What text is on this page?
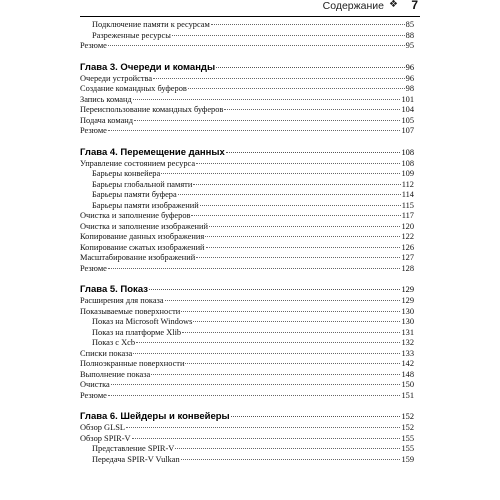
Содержание ❖ 7
Подключение памяти к ресурсам	85
Разреженные ресурсы	88
Резюме	95
Глава 3. Очереди и команды	96
Очереди устройства	96
Создание командных буферов	98
Запись команд	101
Переиспользование командных буферов	104
Подача команд	105
Резюме	107
Глава 4. Перемещение данных	108
Управление состоянием ресурса	108
Барьеры конвейера	109
Барьеры глобальной памяти	112
Барьеры памяти буфера	114
Барьеры памяти изображений	115
Очистка и заполнение буферов	117
Очистка и заполнение изображений	120
Копирование данных изображения	122
Копирование сжатых изображений	126
Масштабирование изображений	127
Резюме	128
Глава 5. Показ	129
Расширения для показа	129
Показываемые поверхности	130
Показ на Microsoft Windows	130
Показ на платформе Xlib	131
Показ с Xcb	132
Списки показа	133
Полноэкранные поверхности	142
Выполнение показа	148
Очистка	150
Резюме	151
Глава 6. Шейдеры и конвейеры	152
Обзор GLSL	152
Обзор SPIR-V	155
Представление SPIR-V	155
Передача SPIR-V Vulkan	159
